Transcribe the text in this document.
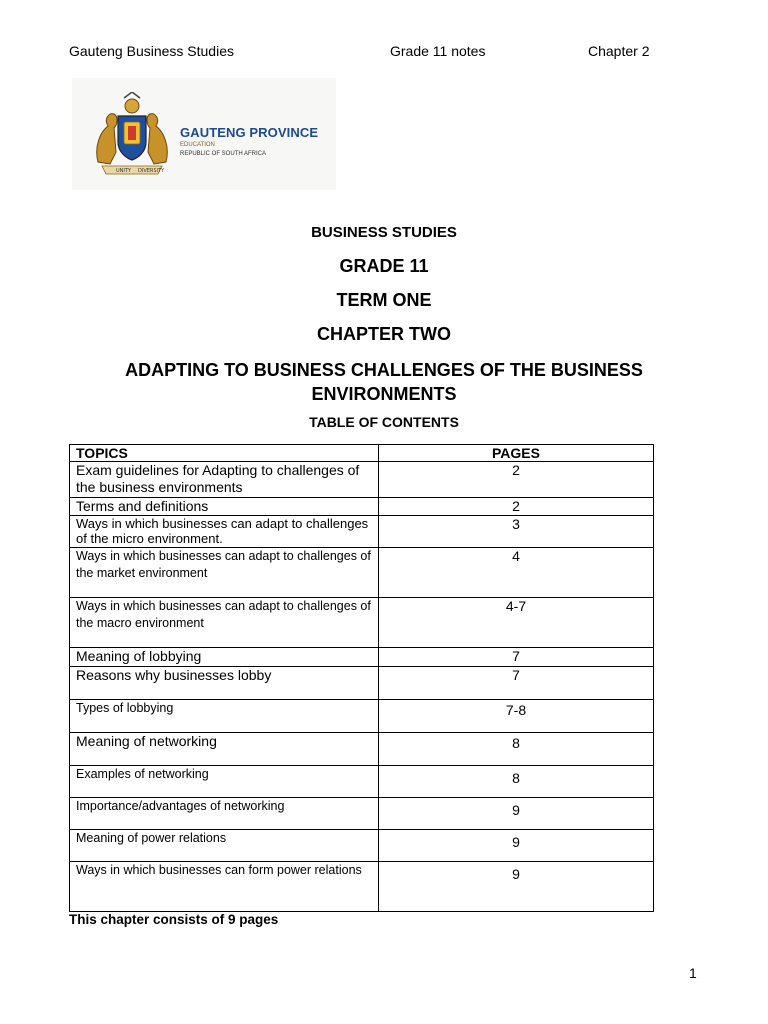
Gauteng Business Studies	Grade 11 notes	Chapter 2
UNITY DIVERSITY
GAUTENG PROVINCE
EDUCATION
REPUBLIC OF SOUTH AFRICA
BUSINESS STUDIES
GRADE 11
TERM ONE
CHAPTER TWO
ADAPTING TO BUSINESS CHALLENGES OF THE BUSINESS ENVIRONMENTS
TABLE OF CONTENTS
TOPICS	PAGES
Exam guidelines for Adapting to challenges of the business environments	2
Terms and definitions	2
Ways in which businesses can adapt to challenges of the micro environment.	3
Ways in which businesses can adapt to challenges of the market environment	4
Ways in which businesses can adapt to challenges of the macro environment	4-7
Meaning of lobbying	7
Reasons why businesses lobby	7
Types of lobbying	7-8
Meaning of networking	8
Examples of networking	8
Importance/advantages of networking	9
Meaning of power relations	9
Ways in which businesses can form power relations	9
This chapter consists of 9 pages
1
